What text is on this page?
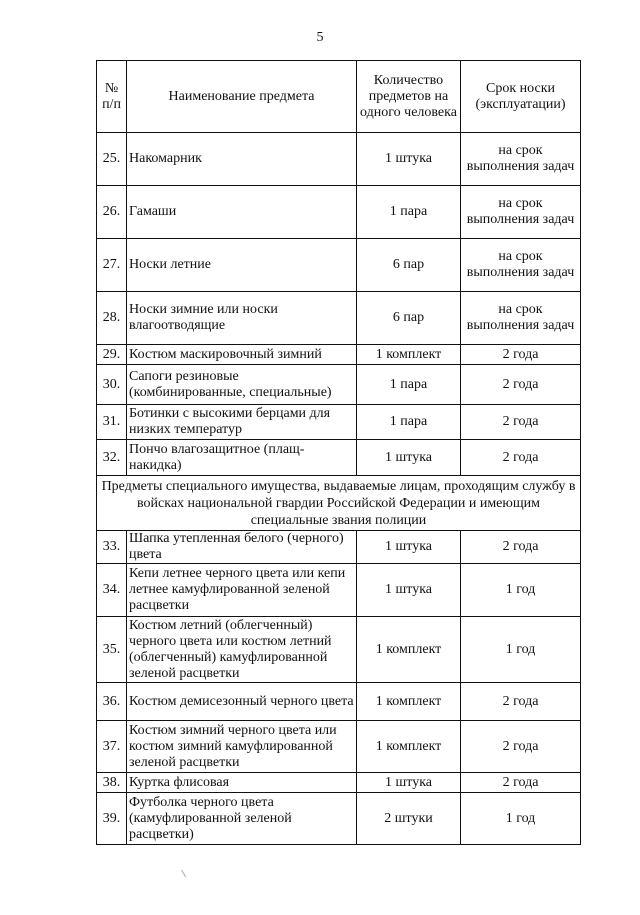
5
№ п/п	Наименование предмета	Количество предметов на одного человека	Срок носки (эксплуатации)
25.	Накомарник	1 штука	на срок выполнения задач
26.	Гамаши	1 пара	на срок выполнения задач
27.	Носки летние	6 пар	на срок выполнения задач
28.	Носки зимние или носки влагоотводящие	6 пар	на срок выполнения задач
29.	Костюм маскировочный зимний	1 комплект	2 года
30.	Сапоги резиновые (комбинированные, специальные)	1 пара	2 года
31.	Ботинки с высокими берцами для низких температур	1 пара	2 года
32.	Пончо влагозащитное (плащ-накидка)	1 штука	2 года
Предметы специального имущества, выдаваемые лицам, проходящим службу в войсках национальной гвардии Российской Федерации и имеющим специальные звания полиции			
33.	Шапка утепленная белого (черного) цвета	1 штука	2 года
34.	Кепи летнее черного цвета или кепи летнее камуфлированной зеленой расцветки	1 штука	1 год
35.	Костюм летний (облегченный) черного цвета или костюм летний (облегченный) камуфлированной зеленой расцветки	1 комплект	1 год
36.	Костюм демисезонный черного цвета	1 комплект	2 года
37.	Костюм зимний черного цвета или костюм зимний камуфлированной зеленой расцветки	1 комплект	2 года
38.	Куртка флисовая	1 штука	2 года
39.	Футболка черного цвета (камуфлированной зеленой расцветки)	2 штуки	1 год
